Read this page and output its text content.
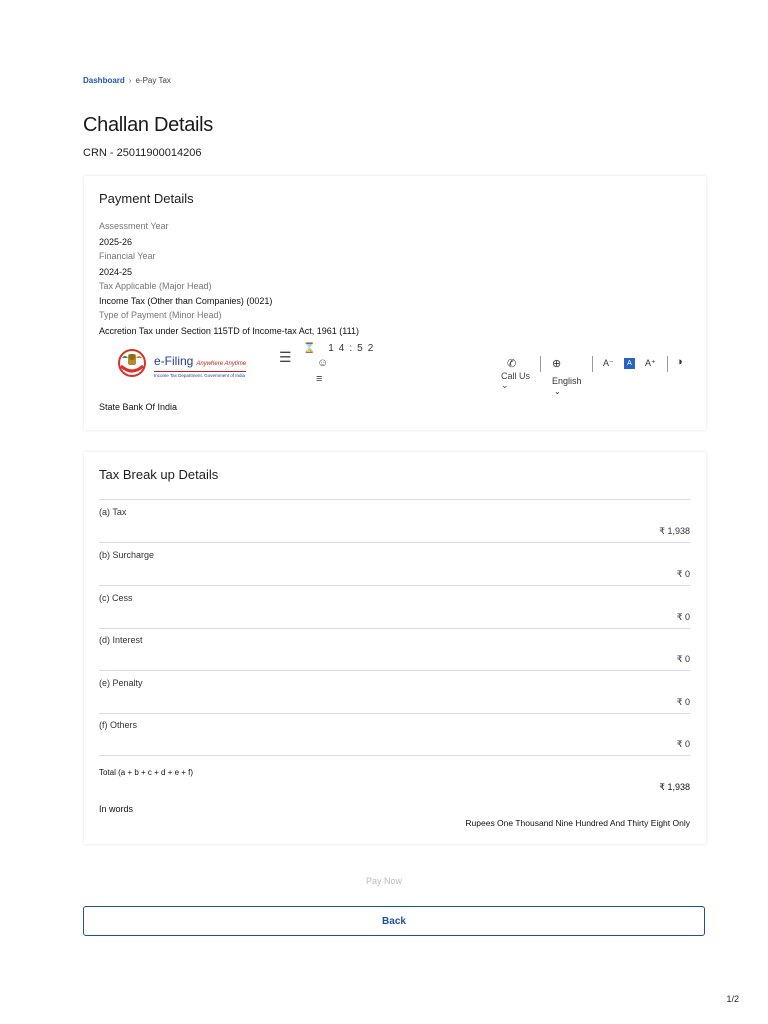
Dashboard › e-Pay Tax
Challan Details
CRN - 25011900014206
Payment Details
Assessment Year
2025-26
Financial Year
2024-25
Tax Applicable (Major Head)
Income Tax (Other than Companies) (0021)
Type of Payment (Minor Head)
Accretion Tax under Section 115TD of Income-tax Act, 1961 (111)
State Bank Of India
e-Filing Anywhere Anytime
Income Tax Department, Government of India
☰
⌛ 14:52
☺
≡
✆
Call Us ⌄
⊕
English
⌄
A⁻	A	A⁺ ◑
Tax Break up Details
(a) Tax
₹ 1,938
(b) Surcharge
₹ 0
(c) Cess
₹ 0
(d) Interest
₹ 0
(e) Penalty
₹ 0
(f) Others
₹ 0
Total (a + b + c + d + e + f)
₹ 1,938
In words
Rupees One Thousand Nine Hundred And Thirty Eight Only
Pay Now
Back
1/2
